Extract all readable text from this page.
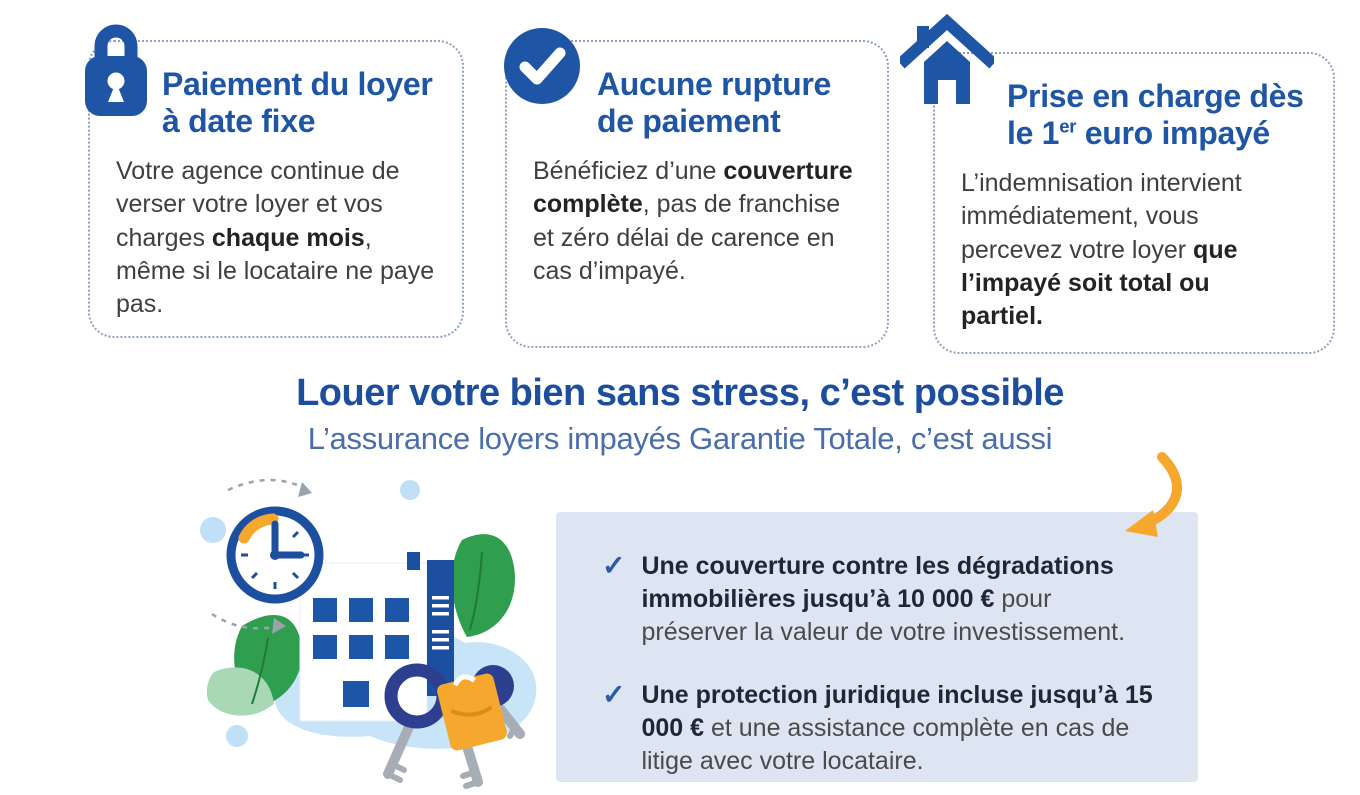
Paiement du loyer à date fixe
Votre agence continue de verser votre loyer et vos charges chaque mois, même si le locataire ne paye pas.
Aucune rupture de paiement
Bénéficiez d’une couverture complète, pas de franchise et zéro délai de carence en cas d’impayé.
Prise en charge dès le 1er euro impayé
L’indemnisation intervient immédiatement, vous percevez votre loyer que l’impayé soit total ou partiel.
Louer votre bien sans stress, c’est possible
L’assurance loyers impayés Garantie Totale, c’est aussi
✓ Une couverture contre les dégradations immobilières jusqu’à 10 000 € pour préserver la valeur de votre investissement.
✓ Une protection juridique incluse jusqu’à 15 000 € et une assistance complète en cas de litige avec votre locataire.
